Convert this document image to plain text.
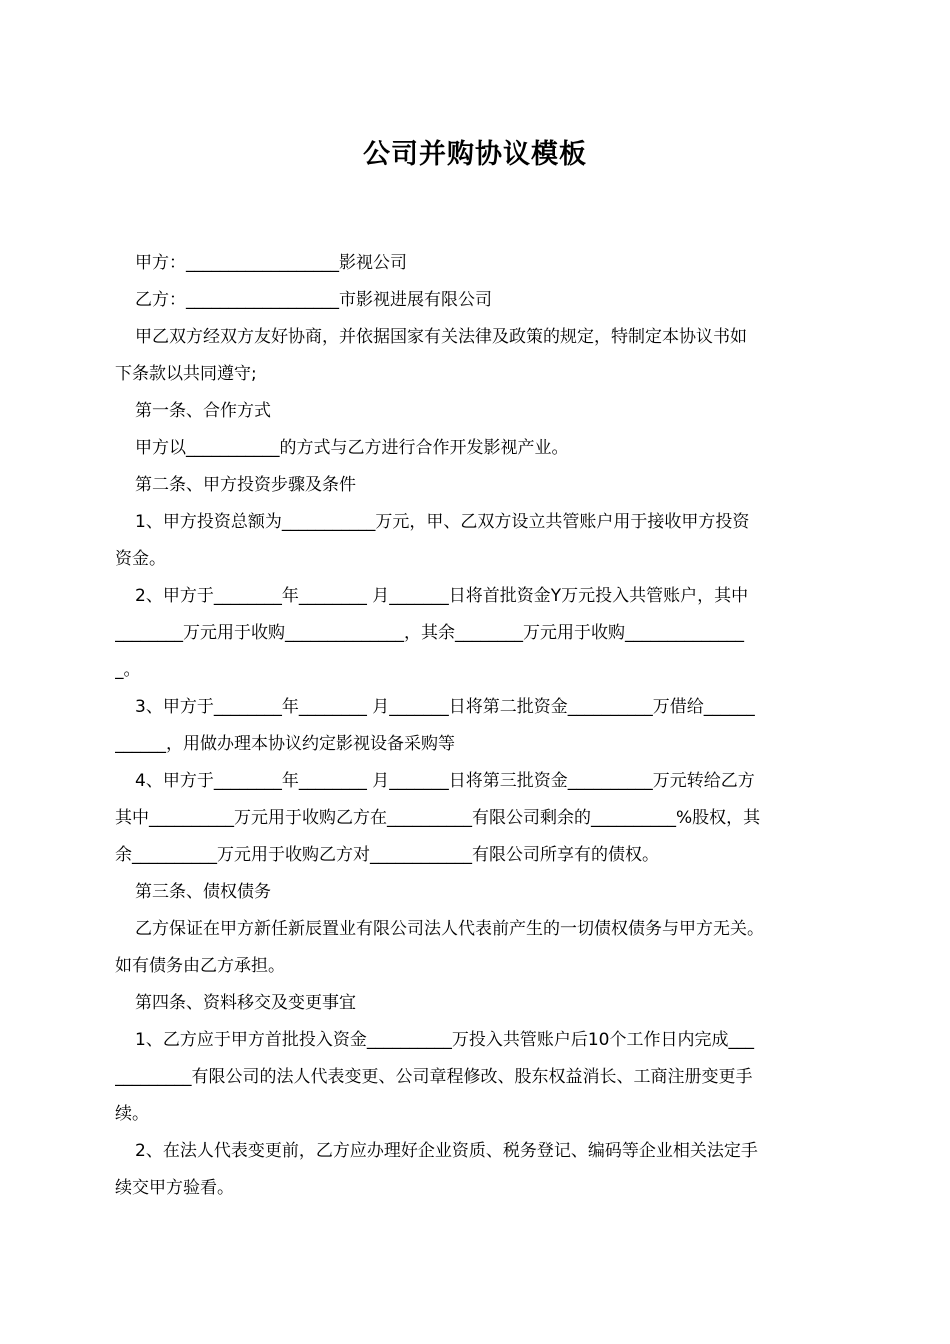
公司并购协议模板
甲方：__________________影视公司
乙方：__________________市影视进展有限公司
甲乙双方经双方友好协商，并依据国家有关法律及政策的规定，特制定本协议书如
下条款以共同遵守;
第一条、合作方式
甲方以___________的方式与乙方进行合作开发影视产业。
第二条、甲方投资步骤及条件
1、甲方投资总额为___________万元，甲、乙双方设立共管账户用于接收甲方投资
资金。
2、甲方于________年________ 月_______日将首批资金Y万元投入共管账户，其中
________万元用于收购______________，其余________万元用于收购______________
_。
3、甲方于________年________ 月_______日将第二批资金__________万借给______
______，用做办理本协议约定影视设备采购等
4、甲方于________年________ 月_______日将第三批资金__________万元转给乙方
其中__________万元用于收购乙方在__________有限公司剩余的__________%股权，其
余__________万元用于收购乙方对____________有限公司所享有的债权。
第三条、债权债务
乙方保证在甲方新任新辰置业有限公司法人代表前产生的一切债权债务与甲方无关。
如有债务由乙方承担。
第四条、资料移交及变更事宜
1、乙方应于甲方首批投入资金__________万投入共管账户后10个工作日内完成___
_________有限公司的法人代表变更、公司章程修改、股东权益消长、工商注册变更手
续。
2、在法人代表变更前，乙方应办理好企业资质、税务登记、编码等企业相关法定手
续交甲方验看。
